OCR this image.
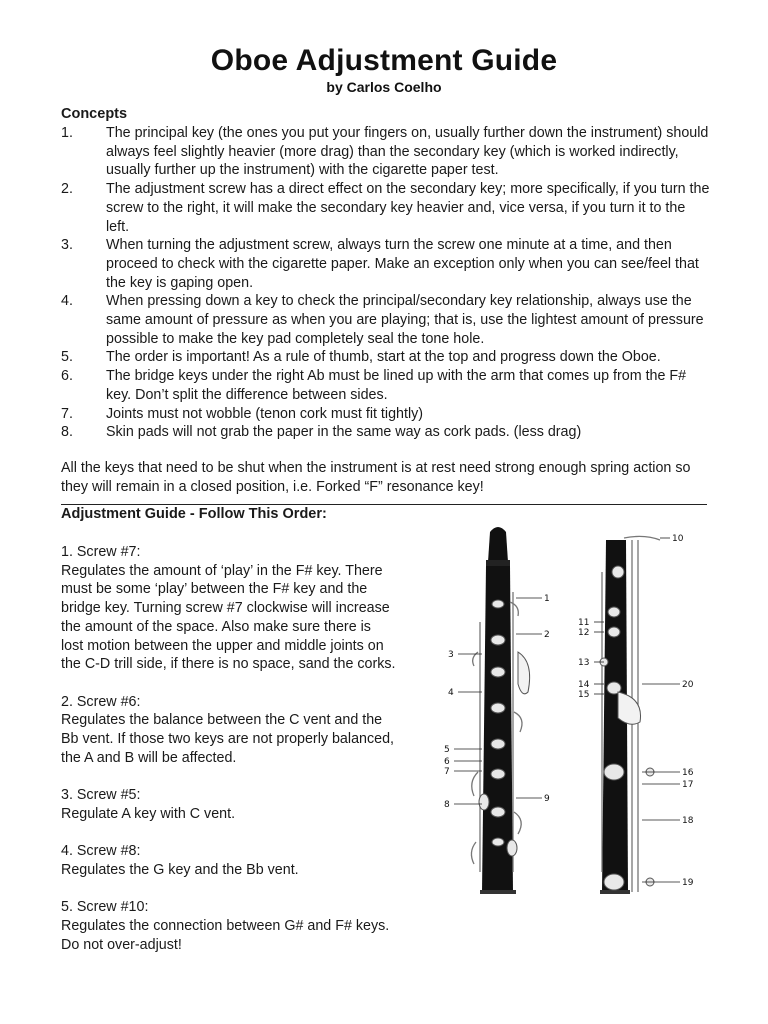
Oboe Adjustment Guide
by Carlos Coelho
Concepts
1. The principal key (the ones you put your fingers on, usually further down the instrument) should always feel slightly heavier (more drag) than the secondary key (which is worked indirectly, usually further up the instrument) with the cigarette paper test.
2. The adjustment screw has a direct effect on the secondary key; more specifically, if you turn the screw to the right, it will make the secondary key heavier and, vice versa, if you turn it to the left.
3. When turning the adjustment screw, always turn the screw one minute at a time, and then proceed to check with the cigarette paper. Make an exception only when you can see/feel that the key is gaping open.
4. When pressing down a key to check the principal/secondary key relationship, always use the same amount of pressure as when you are playing; that is, use the lightest amount of pressure possible to make the key pad completely seal the tone hole.
5. The order is important! As a rule of thumb, start at the top and progress down the Oboe.
6. The bridge keys under the right Ab must be lined up with the arm that comes up from the F# key. Don’t split the difference between sides.
7. Joints must not wobble (tenon cork must fit tightly)
8. Skin pads will not grab the paper in the same way as cork pads. (less drag)
All the keys that need to be shut when the instrument is at rest need strong enough spring action so they will remain in a closed position, i.e. Forked “F” resonance key!
Adjustment Guide - Follow This Order:
1. Screw #7:
Regulates the amount of ‘play’ in the F# key. There must be some ‘play’ between the F# key and the bridge key. Turning screw #7 clockwise will increase the amount of the space. Also make sure there is lost motion between the upper and middle joints on the C-D trill side, if there is no space, sand the corks.
2. Screw #6:
Regulates the balance between the C vent and the Bb vent. If those two keys are not properly balanced, the A and B will be affected.
3. Screw #5:
Regulate A key with C vent.
4. Screw #8:
Regulates the G key and the Bb vent.
5. Screw #10:
Regulates the connection between G# and F# keys. Do not over-adjust!
1
2
3
4
5
6
7
8
9
10
11
12
13
14
15
20
16
17
18
19
